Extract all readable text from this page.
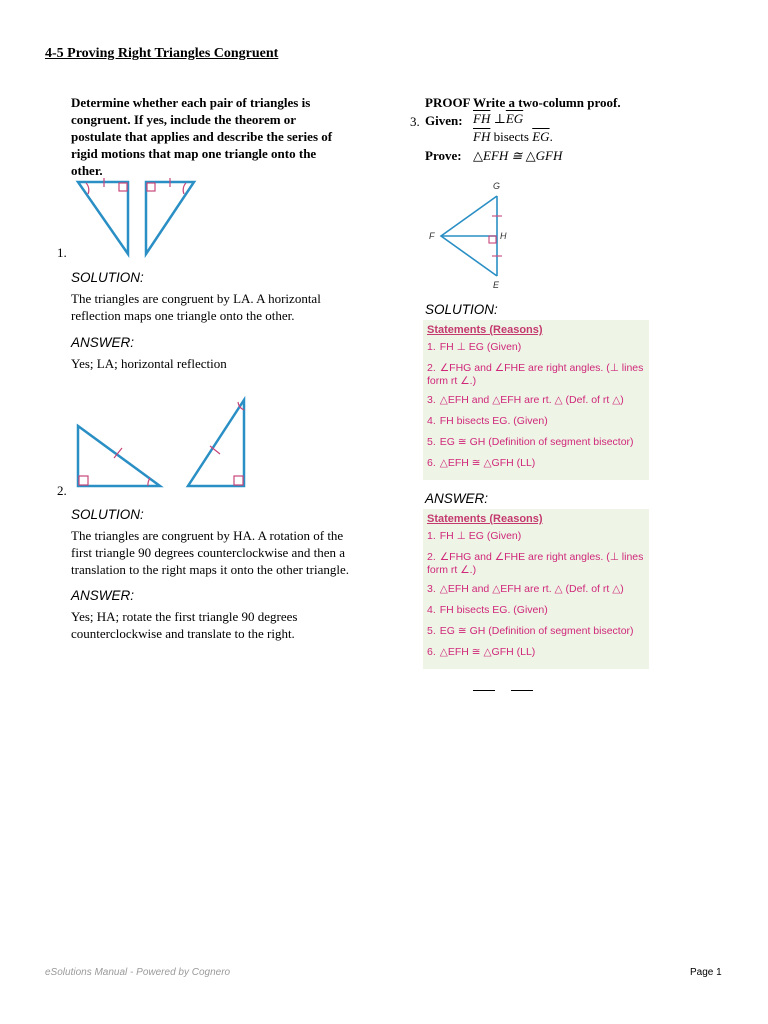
4-5 Proving Right Triangles Congruent
Determine whether each pair of triangles is
congruent. If yes, include the theorem or
postulate that applies and describe the series of
rigid motions that map one triangle onto the
other.
1.
SOLUTION:
The triangles are congruent by LA. A horizontal
reflection maps one triangle onto the other.
ANSWER:
Yes; LA; horizontal reflection
2.
SOLUTION:
The triangles are congruent by HA. A rotation of the
first triangle 90 degrees counterclockwise and then a
translation to the right maps it onto the other triangle.
ANSWER:
Yes; HA; rotate the first triangle 90 degrees
counterclockwise and translate to the right.
PROOF Write a two-column proof.
3. Given: $\overline{FH}$ $\perp\overline{EG}$
$\overline{FH}$ bisects $\overline{EG}$.
Prove: △EFH ≅ △GFH
G
F	H
E
SOLUTION:
Statements (Reasons)
1. FH ⊥ EG (Given)
2. ∠FHG and ∠FHE are right angles. (⊥ lines form rt ∠.)
3. △EFH and △EFH are rt. △ (Def. of rt △)
4. FH bisects EG. (Given)
5. EG ≅ GH (Definition of segment bisector)
6. △EFH ≅ △GFH (LL)
ANSWER:
Statements (Reasons)
1. FH ⊥ EG (Given)
2. ∠FHG and ∠FHE are right angles. (⊥ lines form rt ∠.)
3. △EFH and △EFH are rt. △ (Def. of rt △)
4. FH bisects EG. (Given)
5. EG ≅ GH (Definition of segment bisector)
6. △EFH ≅ △GFH (LL)
eSolutions Manual - Powered by Cognero	Page 1
